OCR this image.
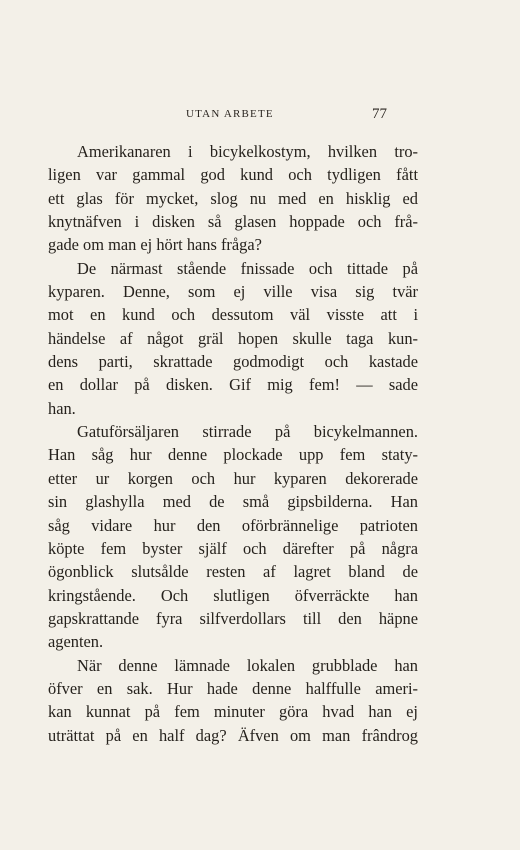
UTAN ARBETE	77
Amerikanaren i bicykelkostym, hvilken tro-
ligen var gammal god kund och tydligen fått
ett glas för mycket, slog nu med en hisklig ed
knytnäfven i disken så glasen hoppade och frå-
gade om man ej hört hans fråga?
De närmast stående fnissade och tittade på
kyparen. Denne, som ej ville visa sig tvär
mot en kund och dessutom väl visste att i
händelse af något gräl hopen skulle taga kun-
dens parti, skrattade godmodigt och kastade
en dollar på disken. Gif mig fem! — sade
han.
Gatuförsäljaren stirrade på bicykelmannen.
Han såg hur denne plockade upp fem staty-
etter ur korgen och hur kyparen dekorerade
sin glashylla med de små gipsbilderna. Han
såg vidare hur den oförbrännelige patrioten
köpte fem byster själf och därefter på några
ögonblick slutsålde resten af lagret bland de
kringstående. Och slutligen öfverräckte han
gapskrattande fyra silfverdollars till den häpne
agenten.
När denne lämnade lokalen grubblade han
öfver en sak. Hur hade denne halffulle ameri-
kan kunnat på fem minuter göra hvad han ej
uträttat på en half dag? Äfven om man frândrog
